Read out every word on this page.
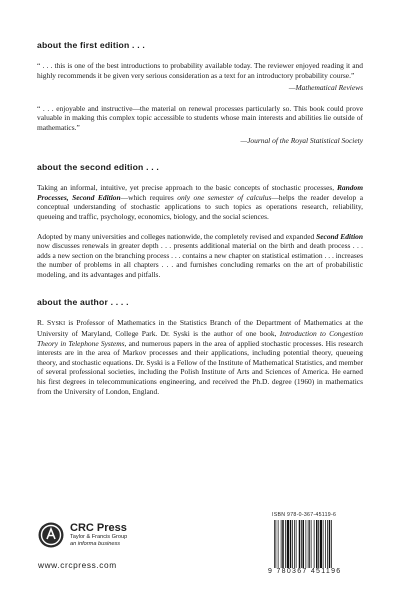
about the first edition . . .

“ . . . this is one of the best introductions to probability available today. The reviewer enjoyed reading it and highly recommends it be given very serious consideration as a text for an introductory probability course.”

—Mathematical Reviews

“ . . . enjoyable and instructive—the material on renewal processes particularly so. This book could prove valuable in making this complex topic accessible to students whose main interests and abilities lie outside of mathematics.”

—Journal of the Royal Statistical Society

about the second edition . . .

Taking an informal, intuitive, yet precise approach to the basic concepts of stochastic processes, Random Processes, Second Edition—which requires only one semester of calculus—helps the reader develop a conceptual understanding of stochastic applications to such topics as operations research, reliability, queueing and traffic, psychology, economics, biology, and the social sciences.

Adopted by many universities and colleges nationwide, the completely revised and expanded Second Edition now discusses renewals in greater depth . . . presents additional material on the birth and death process . . . adds a new section on the branching process . . . contains a new chapter on statistical estimation . . . increases the number of problems in all chapters . . . and furnishes concluding remarks on the art of probabilistic modeling, and its advantages and pitfalls.

about the author . . . .

R. SYSKI is Professor of Mathematics in the Statistics Branch of the Department of Mathematics at the University of Maryland, College Park. Dr. Syski is the author of one book, Introduction to Congestion Theory in Telephone Systems, and numerous papers in the area of applied stochastic processes. His research interests are in the area of Markov processes and their applications, including potential theory, queueing theory, and stochastic equations. Dr. Syski is a Fellow of the Institute of Mathematical Statistics, and member of several professional societies, including the Polish Institute of Arts and Sciences of America. He earned his first degrees in telecommunications engineering, and received the Ph.D. degree (1960) in mathematics from the University of London, England.

CRC Press
Taylor & Francis Group
an informa business
www.crcpress.com
ISBN 978-0-367-45119-6
9 780367 451196
